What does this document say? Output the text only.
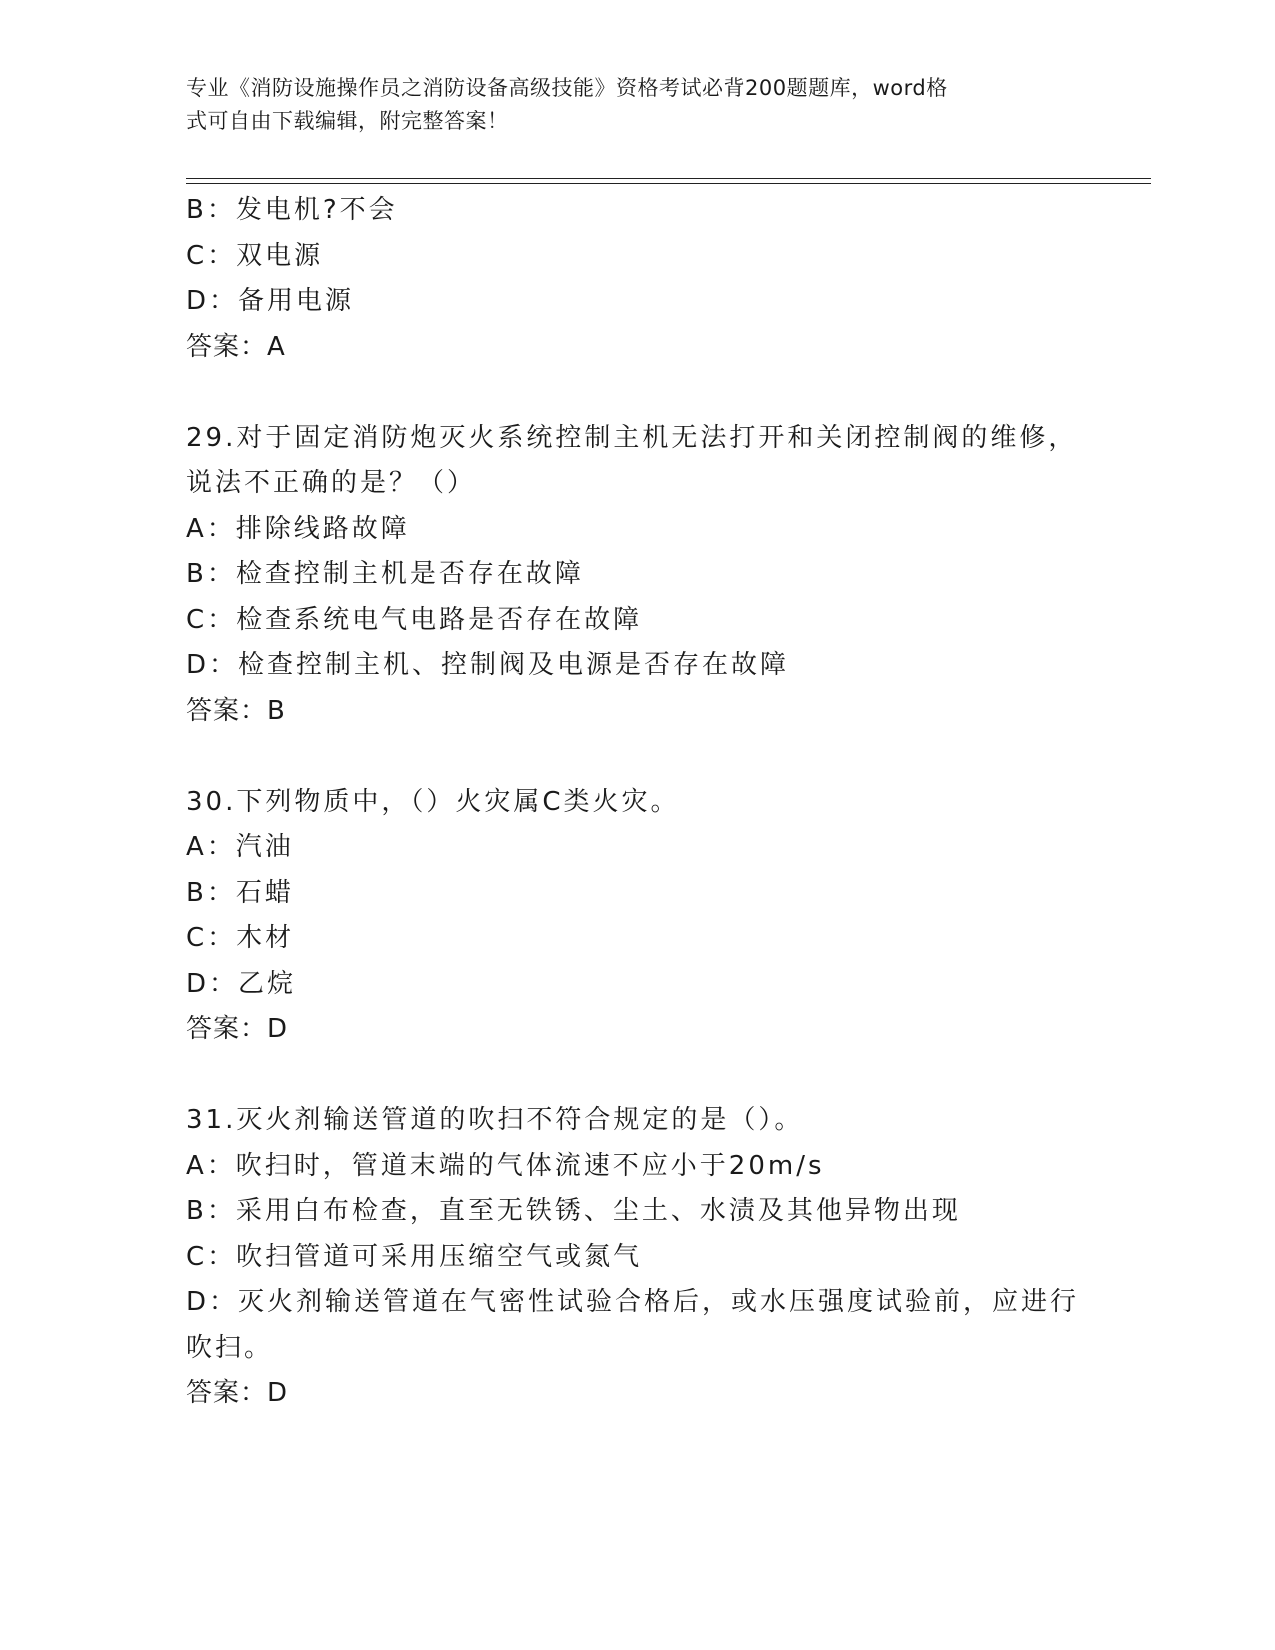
专业《消防设施操作员之消防设备高级技能》资格考试必背200题题库，word格
式可自由下载编辑，附完整答案！
B：发电机?不会
C：双电源
D：备用电源
答案：A
29.对于固定消防炮灭火系统控制主机无法打开和关闭控制阀的维修，
说法不正确的是？（）
A：排除线路故障
B：检查控制主机是否存在故障
C：检查系统电气电路是否存在故障
D：检查控制主机、控制阀及电源是否存在故障
答案：B
30.下列物质中，（）火灾属C类火灾。
A：汽油
B：石蜡
C：木材
D：乙烷
答案：D
31.灭火剂输送管道的吹扫不符合规定的是（）。
A：吹扫时，管道末端的气体流速不应小于20m/s
B：采用白布检查，直至无铁锈、尘土、水渍及其他异物出现
C：吹扫管道可采用压缩空气或氮气
D：灭火剂输送管道在气密性试验合格后，或水压强度试验前，应进行
吹扫。
答案：D
